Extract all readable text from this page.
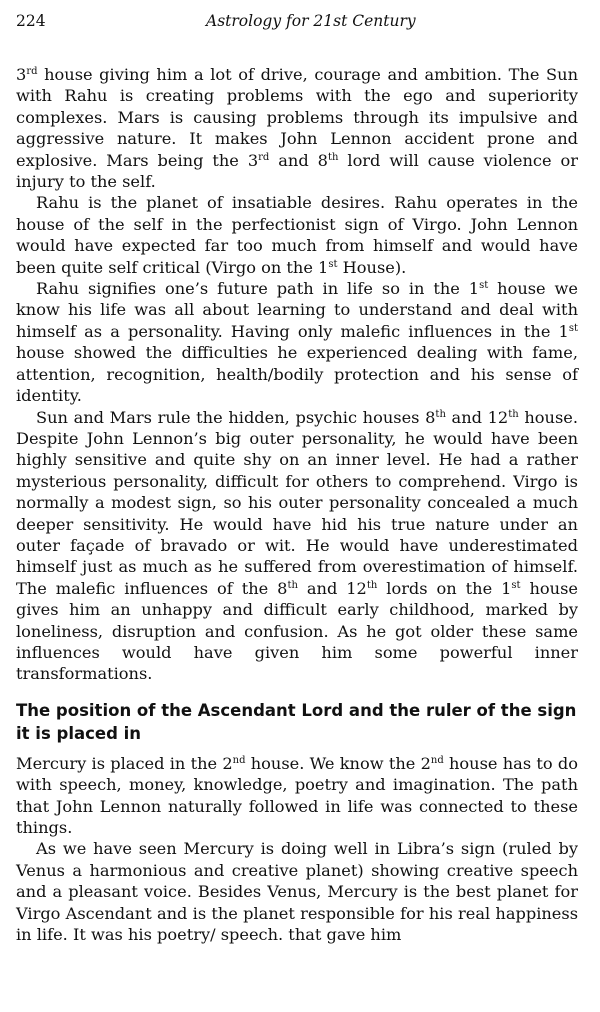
224	Astrology for 21st Century

3rd house giving him a lot of drive, courage and ambition. The Sun with Rahu is creating problems with the ego and superiority complexes. Mars is causing problems through its impulsive and aggressive nature. It makes John Lennon accident prone and explosive. Mars being the 3rd and 8th lord will cause violence or injury to the self.

Rahu is the planet of insatiable desires. Rahu operates in the house of the self in the perfectionist sign of Virgo. John Lennon would have expected far too much from himself and would have been quite self critical (Virgo on the 1st House).

Rahu signifies one’s future path in life so in the 1st house we know his life was all about learning to understand and deal with himself as a personality. Having only malefic influences in the 1st house showed the difficulties he experienced dealing with fame, attention, recognition, health/bodily protection and his sense of identity.

Sun and Mars rule the hidden, psychic houses 8th and 12th house. Despite John Lennon’s big outer personality, he would have been highly sensitive and quite shy on an inner level. He had a rather mysterious personality, difficult for others to comprehend. Virgo is normally a modest sign, so his outer personality concealed a much deeper sensitivity. He would have hid his true nature under an outer façade of bravado or wit. He would have underestimated himself just as much as he suffered from overestimation of himself. The malefic influences of the 8th and 12th lords on the 1st house gives him an unhappy and difficult early childhood, marked by loneliness, disruption and confusion. As he got older these same influences would have given him some powerful inner transformations.

The position of the Ascendant Lord and the ruler of the sign it is placed in

Mercury is placed in the 2nd house. We know the 2nd house has to do with speech, money, knowledge, poetry and imagination. The path that John Lennon naturally followed in life was connected to these things.

As we have seen Mercury is doing well in Libra’s sign (ruled by Venus a harmonious and creative planet) showing creative speech and a pleasant voice. Besides Venus, Mercury is the best planet for Virgo Ascendant and is the planet responsible for his real happiness in life. It was his poetry/ speech. that gave him
